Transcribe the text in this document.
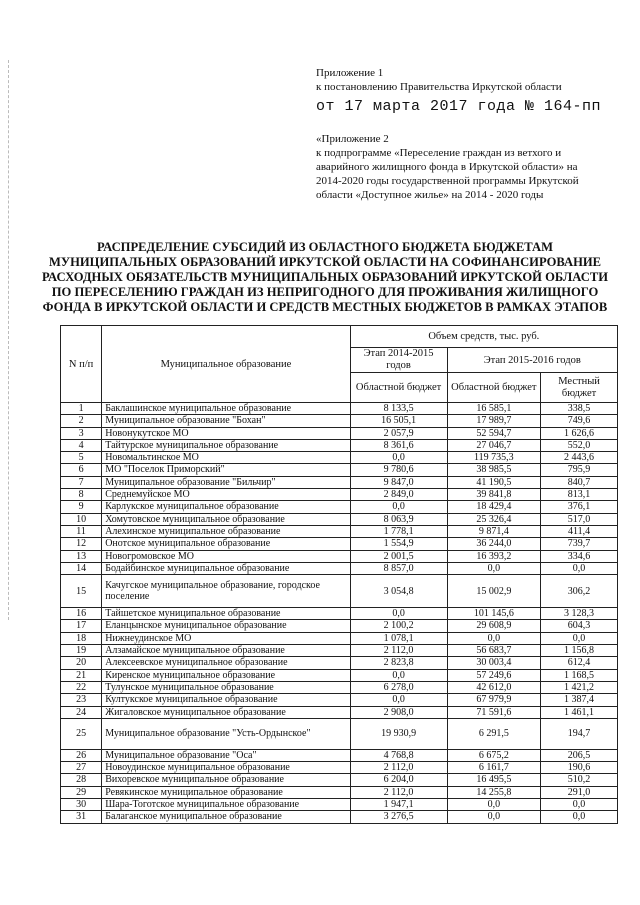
Приложение 1
к постановлению Правительства Иркутской области
от 17 марта 2017 года № 164-пп
«Приложение 2
к подпрограмме «Переселение граждан из ветхого и аварийного жилищного фонда в Иркутской области» на 2014-2020 годы государственной программы Иркутской области «Доступное жилье» на 2014 - 2020 годы
РАСПРЕДЕЛЕНИЕ СУБСИДИЙ ИЗ ОБЛАСТНОГО БЮДЖЕТА БЮДЖЕТАМ МУНИЦИПАЛЬНЫХ ОБРАЗОВАНИЙ ИРКУТСКОЙ ОБЛАСТИ НА СОФИНАНСИРОВАНИЕ РАСХОДНЫХ ОБЯЗАТЕЛЬСТВ МУНИЦИПАЛЬНЫХ ОБРАЗОВАНИЙ ИРКУТСКОЙ ОБЛАСТИ ПО ПЕРЕСЕЛЕНИЮ ГРАЖДАН ИЗ НЕПРИГОДНОГО ДЛЯ ПРОЖИВАНИЯ ЖИЛИЩНОГО ФОНДА В ИРКУТСКОЙ ОБЛАСТИ И СРЕДСТВ МЕСТНЫХ БЮДЖЕТОВ В РАМКАХ ЭТАПОВ
N п/п	Муниципальное образование	Объем средств, тыс. руб.		
		Этап 2014-2015 годов	Этап 2015-2016 годов	
		Областной бюджет	Областной бюджет	Местный бюджет
1	Баклашинское муниципальное образование	8 133,5	16 585,1	338,5
2	Муниципальное образование "Бохан"	16 505,1	17 989,7	749,6
3	Новонукутское МО	2 057,9	52 594,7	1 626,6
4	Тайтурское муниципальное образование	8 361,6	27 046,7	552,0
5	Новомальтинское МО	0,0	119 735,3	2 443,6
6	МО "Поселок Приморский"	9 780,6	38 985,5	795,9
7	Муниципальное образование "Бильчир"	9 847,0	41 190,5	840,7
8	Среднемуйское МО	2 849,0	39 841,8	813,1
9	Карлукское муниципальное образование	0,0	18 429,4	376,1
10	Хомутовское муниципальное образование	8 063,9	25 326,4	517,0
11	Алехинское муниципальное образование	1 778,1	9 871,4	411,4
12	Онотское муниципальное образование	1 554,9	36 244,0	739,7
13	Новогромовское МО	2 001,5	16 393,2	334,6
14	Бодайбинское муниципальное образование	8 857,0	0,0	0,0
15	Качугское муниципальное образование, городское поселение	3 054,8	15 002,9	306,2
16	Тайшетское муниципальное образование	0,0	101 145,6	3 128,3
17	Еланцынское муниципальное образование	2 100,2	29 608,9	604,3
18	Нижнеудинское МО	1 078,1	0,0	0,0
19	Алзамайское муниципальное образование	2 112,0	56 683,7	1 156,8
20	Алексеевское муниципальное образование	2 823,8	30 003,4	612,4
21	Киренское муниципальное образование	0,0	57 249,6	1 168,5
22	Тулунское муниципальное образование	6 278,0	42 612,0	1 421,2
23	Култукское муниципальное образование	0,0	67 979,9	1 387,4
24	Жигаловское муниципальное образование	2 908,0	71 591,6	1 461,1
25	Муниципальное образование "Усть-Ордынское"	19 930,9	6 291,5	194,7
26	Муниципальное образование "Оса"	4 768,8	6 675,2	206,5
27	Новоудинское муниципальное образование	2 112,0	6 161,7	190,6
28	Вихоревское муниципальное образование	6 204,0	16 495,5	510,2
29	Ревякинское муниципальное образование	2 112,0	14 255,8	291,0
30	Шара-Тоготское муниципальное образование	1 947,1	0,0	0,0
31	Балаганское муниципальное образование	3 276,5	0,0	0,0
